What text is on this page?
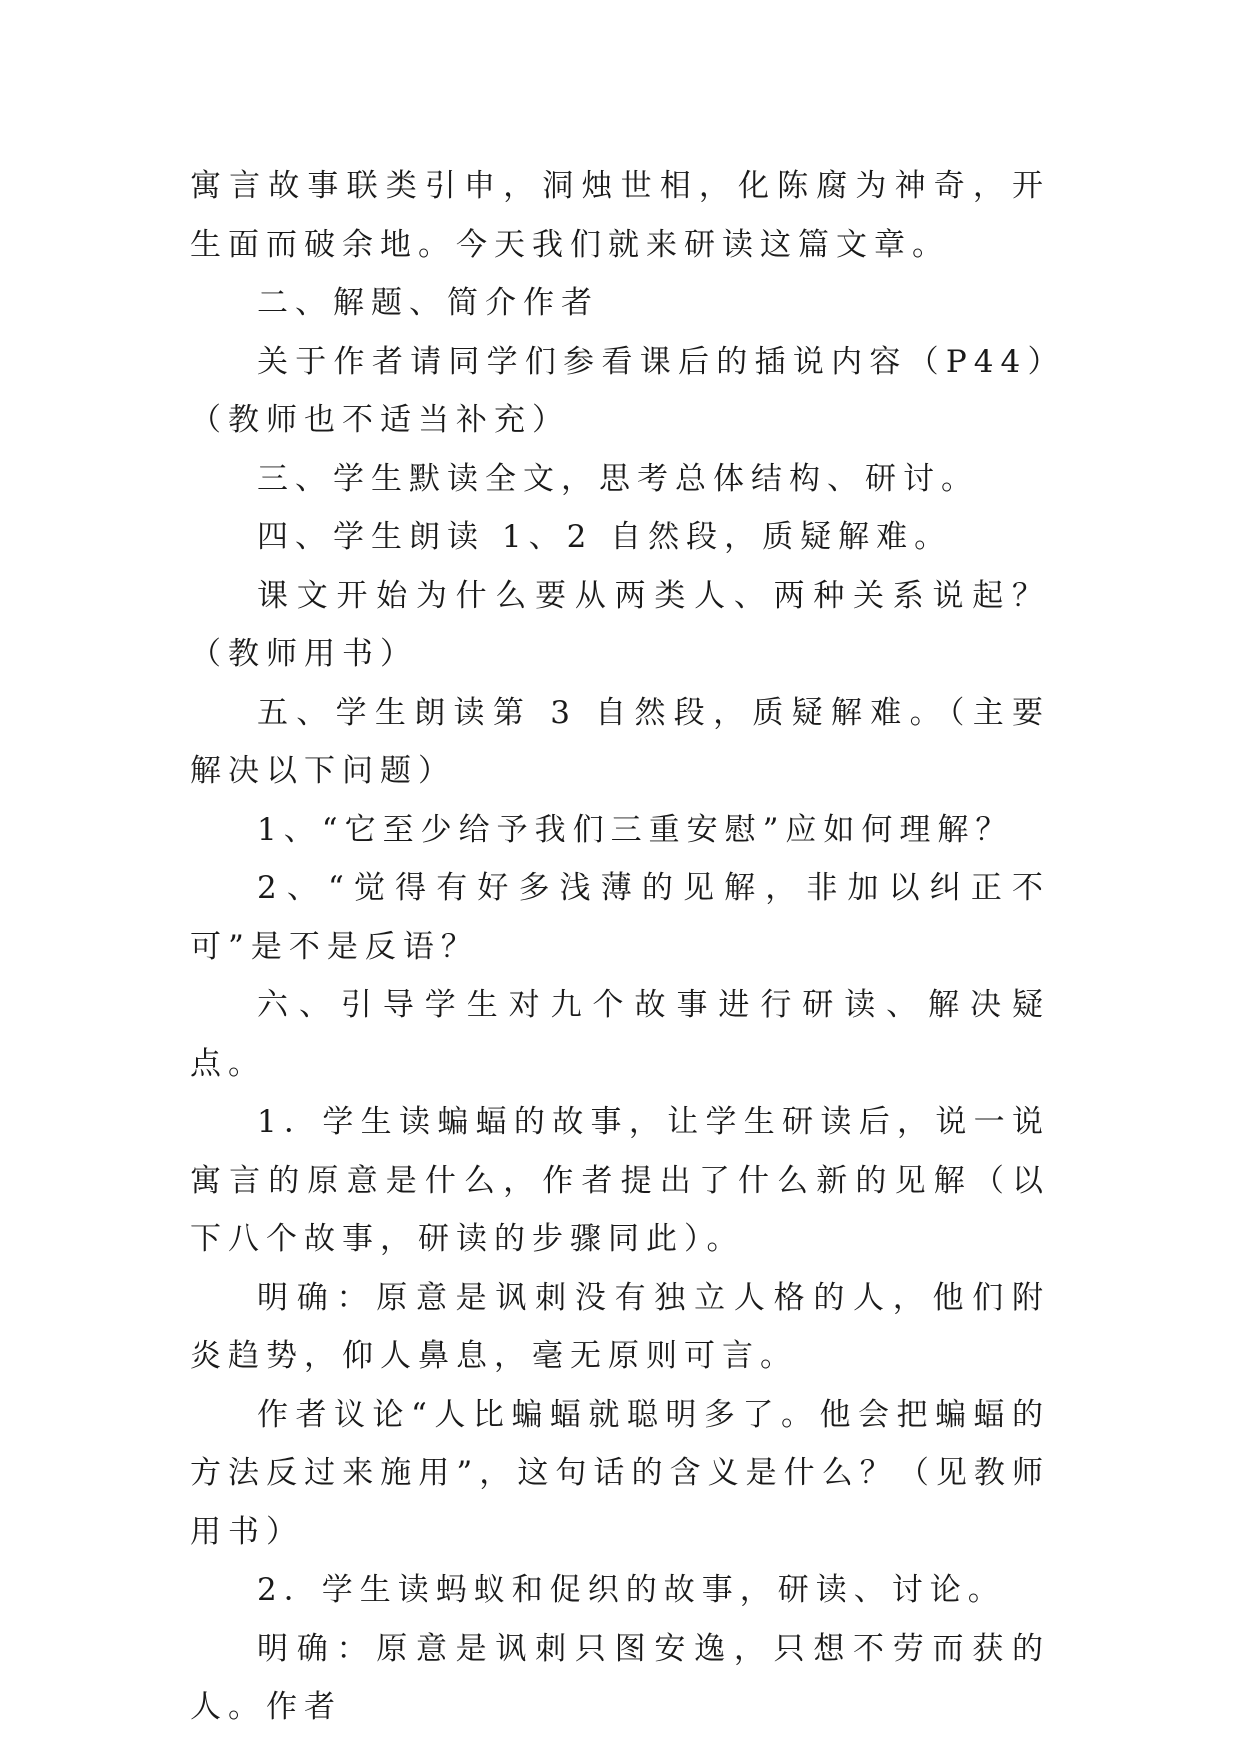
寓言故事联类引申，洞烛世相，化陈腐为神奇，开生面而破余地。今天我们就来研读这篇文章。

二、解题、简介作者

关于作者请同学们参看课后的插说内容（P44）（教师也不适当补充）

三、学生默读全文，思考总体结构、研讨。

四、学生朗读 1、2 自然段，质疑解难。

课文开始为什么要从两类人、两种关系说起？（教师用书）

五、学生朗读第 3 自然段，质疑解难。（主要解决以下问题）

1、“它至少给予我们三重安慰”应如何理解？

2、“觉得有好多浅薄的见解，非加以纠正不可”是不是反语？

六、引导学生对九个故事进行研读、解决疑点。

1．学生读蝙蝠的故事，让学生研读后，说一说寓言的原意是什么，作者提出了什么新的见解（以下八个故事，研读的步骤同此）。

明确：原意是讽刺没有独立人格的人，他们附炎趋势，仰人鼻息，毫无原则可言。

作者议论“人比蝙蝠就聪明多了。他会把蝙蝠的方法反过来施用”，这句话的含义是什么？（见教师用书）

2．学生读蚂蚁和促织的故事，研读、讨论。

明确：原意是讽刺只图安逸，只想不劳而获的人。作者
